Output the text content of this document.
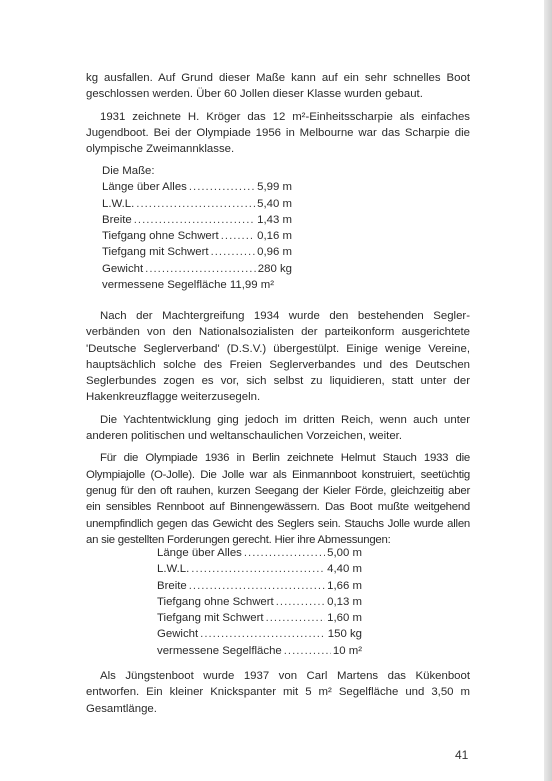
kg ausfallen. Auf Grund dieser Maße kann auf ein sehr schnelles Boot geschlossen werden. Über 60 Jollen dieser Klasse wurden gebaut.

1931 zeichnete H. Kröger das 12 m²-Einheitsscharpie als einfaches Jugendboot. Bei der Olympiade 1956 in Melbourne war das Scharpie die olympische Zweimannklasse.

Die Maße:
Länge über Alles .....	5,99 m
L.W.L. .....	5,40 m
Breite .....	1,43 m
Tiefgang ohne Schwert .....	0,16 m
Tiefgang mit Schwert .....	0,96 m
Gewicht .....	280 kg
vermessene Segelfläche 11,99 m²

Nach der Machtergreifung 1934 wurde den bestehenden Segler-verbänden von den Nationalsozialisten der parteikonform ausgerichtete 'Deutsche Seglerverband' (D.S.V.) übergestülpt. Einige wenige Vereine, hauptsächlich solche des Freien Seglerverbandes und des Deutschen Seglerbundes zogen es vor, sich selbst zu liquidieren, statt unter der Hakenkreuzflagge weiterzusegeln.

Die Yachtentwicklung ging jedoch im dritten Reich, wenn auch unter anderen politischen und weltanschaulichen Vorzeichen, weiter.

Für die Olympiade 1936 in Berlin zeichnete Helmut Stauch 1933 die Olympiajolle (O-Jolle). Die Jolle war als Einmannboot konstruiert, seetüchtig genug für den oft rauhen, kurzen Seegang der Kieler Förde, gleichzeitig aber ein sensibles Rennboot auf Binnengewässern. Das Boot mußte weitgehend unempfindlich gegen das Gewicht des Seglers sein. Stauchs Jolle wurde allen an sie gestellten Forderungen gerecht. Hier ihre Abmessungen:

Länge über Alles .....	5,00 m
L.W.L. .....	4,40 m
Breite .....	1,66 m
Tiefgang ohne Schwert .....	0,13 m
Tiefgang mit Schwert .....	1,60 m
Gewicht .....	150 kg
vermessene Segelfläche .....	10 m²

Als Jüngstenboot wurde 1937 von Carl Martens das Kükenboot entworfen. Ein kleiner Knickspanter mit 5 m² Segelfläche und 3,50 m Gesamtlänge.

41
